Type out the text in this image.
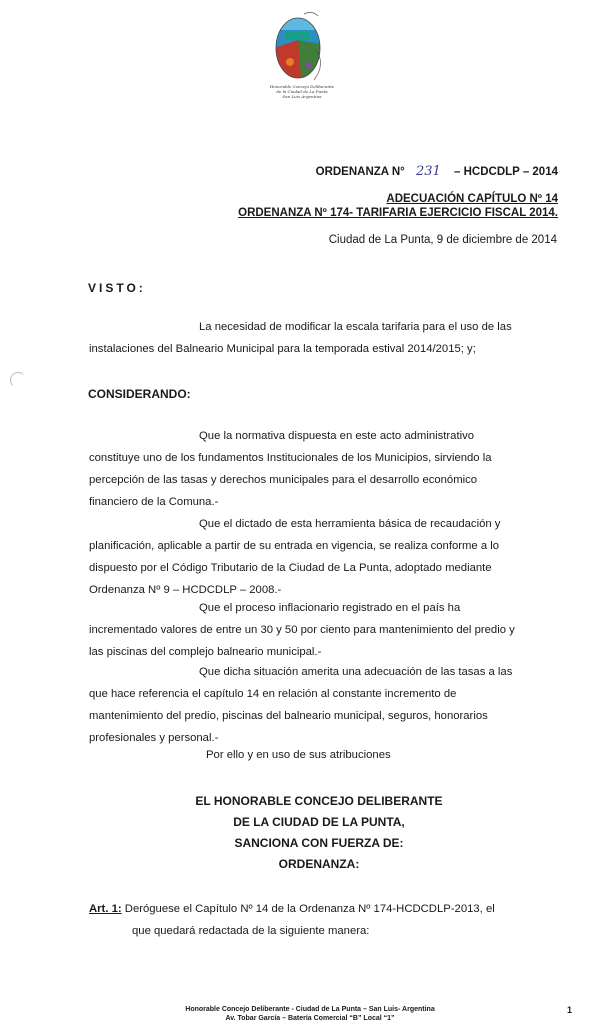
Honorable Concejo Deliberante
de la Ciudad de La Punta
San Luis Argentina
ORDENANZA N° 231 – HCDCDLP – 2014
ADECUACIÓN CAPÍTULO Nº 14
ORDENANZA Nº 174- TARIFARIA EJERCICIO FISCAL 2014.
Ciudad de La Punta, 9 de diciembre de 2014
VISTO:
La necesidad de modificar la escala tarifaria para el uso de las
instalaciones del Balneario Municipal para la temporada estival 2014/2015; y;
CONSIDERANDO:
Que la normativa dispuesta en este acto administrativo
constituye uno de los fundamentos Institucionales de los Municipios, sirviendo la
percepción de las tasas y derechos municipales para el desarrollo económico
financiero de la Comuna.-
Que el dictado de esta herramienta básica de recaudación y
planificación, aplicable a partir de su entrada en vigencia, se realiza conforme a lo
dispuesto por el Código Tributario de la Ciudad de La Punta, adoptado mediante
Ordenanza Nº 9 – HCDCDLP – 2008.-
Que el proceso inflacionario registrado en el país ha
incrementado valores de entre un 30 y 50 por ciento para mantenimiento del predio y
las piscinas del complejo balneario municipal.-
Que dicha situación amerita una adecuación de las tasas a las
que hace referencia el capítulo 14 en relación al constante incremento de
mantenimiento del predio, piscinas del balneario municipal, seguros, honorarios
profesionales y personal.-
Por ello y en uso de sus atribuciones
EL HONORABLE CONCEJO DELIBERANTE
DE LA CIUDAD DE LA PUNTA,
SANCIONA CON FUERZA DE:
ORDENANZA:
Art. 1: Deróguese el Capítulo Nº 14 de la Ordenanza Nº 174-HCDCDLP-2013, el
que quedará redactada de la siguiente manera:
Honorable Concejo Deliberante - Ciudad de La Punta – San Luis- Argentina
Av. Tobar García – Batería Comercial “B” Local “1”
1
